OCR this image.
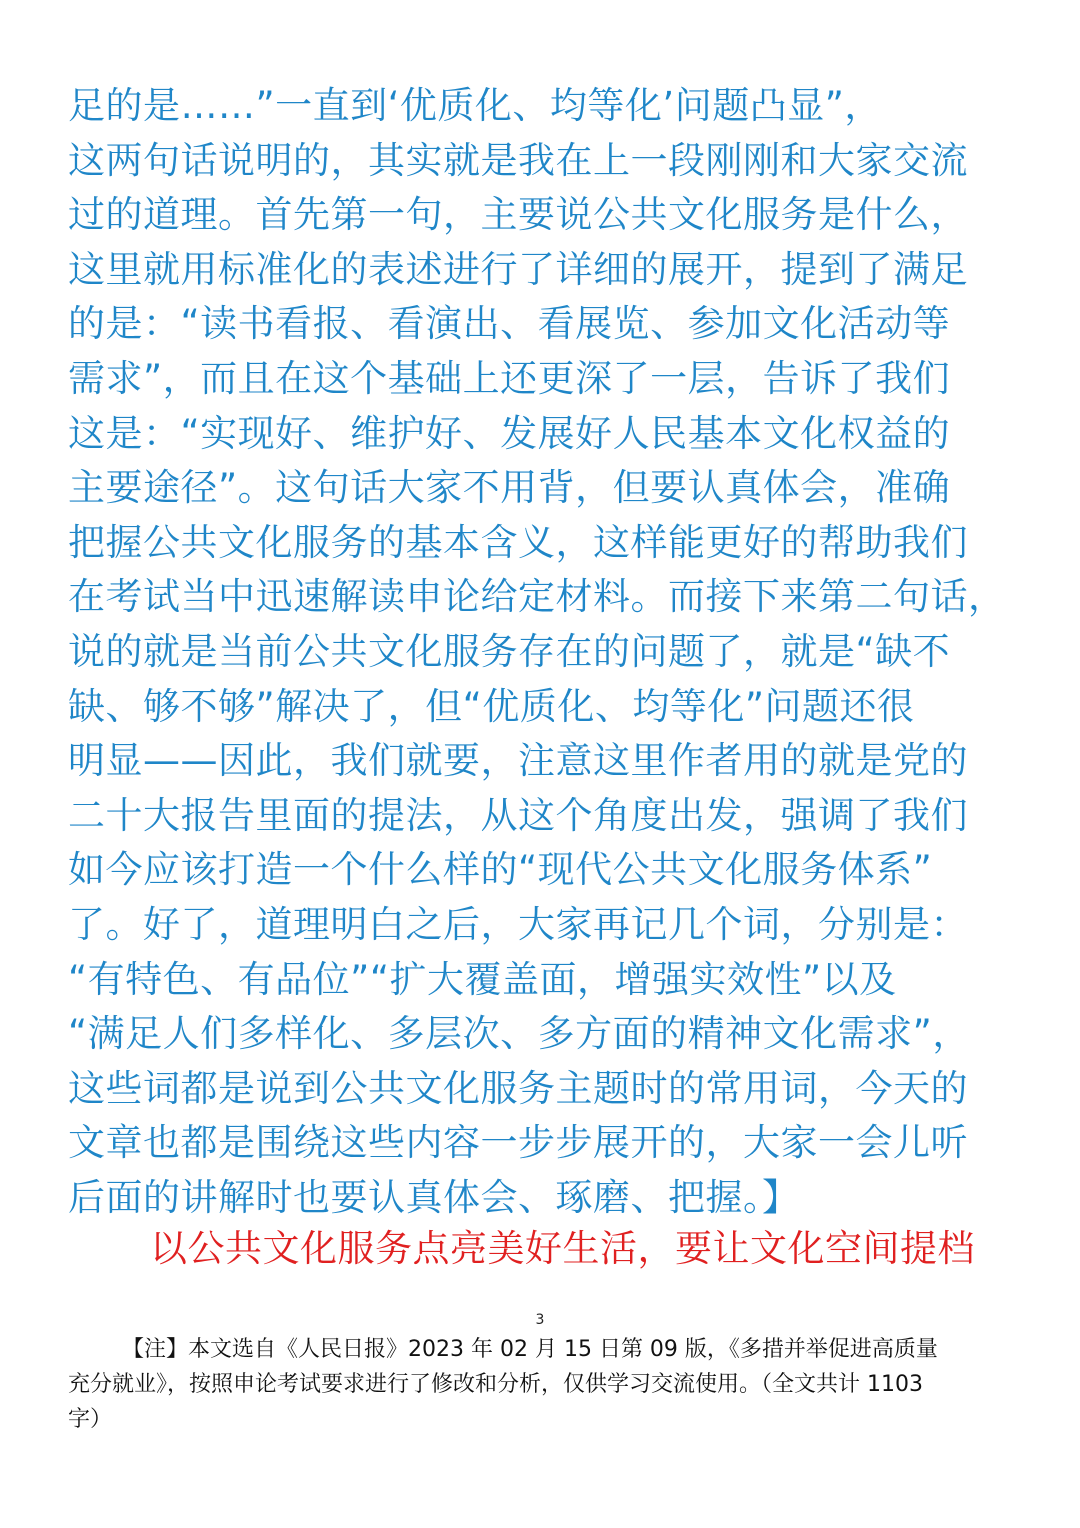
足的是……”一直到‘优质化、均等化’问题凸显”，
这两句话说明的，其实就是我在上一段刚刚和大家交流
过的道理。首先第一句，主要说公共文化服务是什么，
这里就用标准化的表述进行了详细的展开，提到了满足
的是：“读书看报、看演出、看展览、参加文化活动等
需求”，而且在这个基础上还更深了一层，告诉了我们
这是：“实现好、维护好、发展好人民基本文化权益的
主要途径”。这句话大家不用背，但要认真体会，准确
把握公共文化服务的基本含义，这样能更好的帮助我们
在考试当中迅速解读申论给定材料。而接下来第二句话，
说的就是当前公共文化服务存在的问题了，就是“缺不
缺、够不够”解决了，但“优质化、均等化”问题还很
明显——因此，我们就要，注意这里作者用的就是党的
二十大报告里面的提法，从这个角度出发，强调了我们
如今应该打造一个什么样的“现代公共文化服务体系”
了。好了，道理明白之后，大家再记几个词，分别是：
“有特色、有品位”“扩大覆盖面，增强实效性”以及
“满足人们多样化、多层次、多方面的精神文化需求”，
这些词都是说到公共文化服务主题时的常用词，今天的
文章也都是围绕这些内容一步步展开的，大家一会儿听
后面的讲解时也要认真体会、琢磨、把握。】
以公共文化服务点亮美好生活，要让文化空间提档
3
【注】本文选自《人民日报》2023 年 02 月 15 日第 09 版，《多措并举促进高质量
充分就业》，按照申论考试要求进行了修改和分析，仅供学习交流使用。（全文共计 1103
字）
